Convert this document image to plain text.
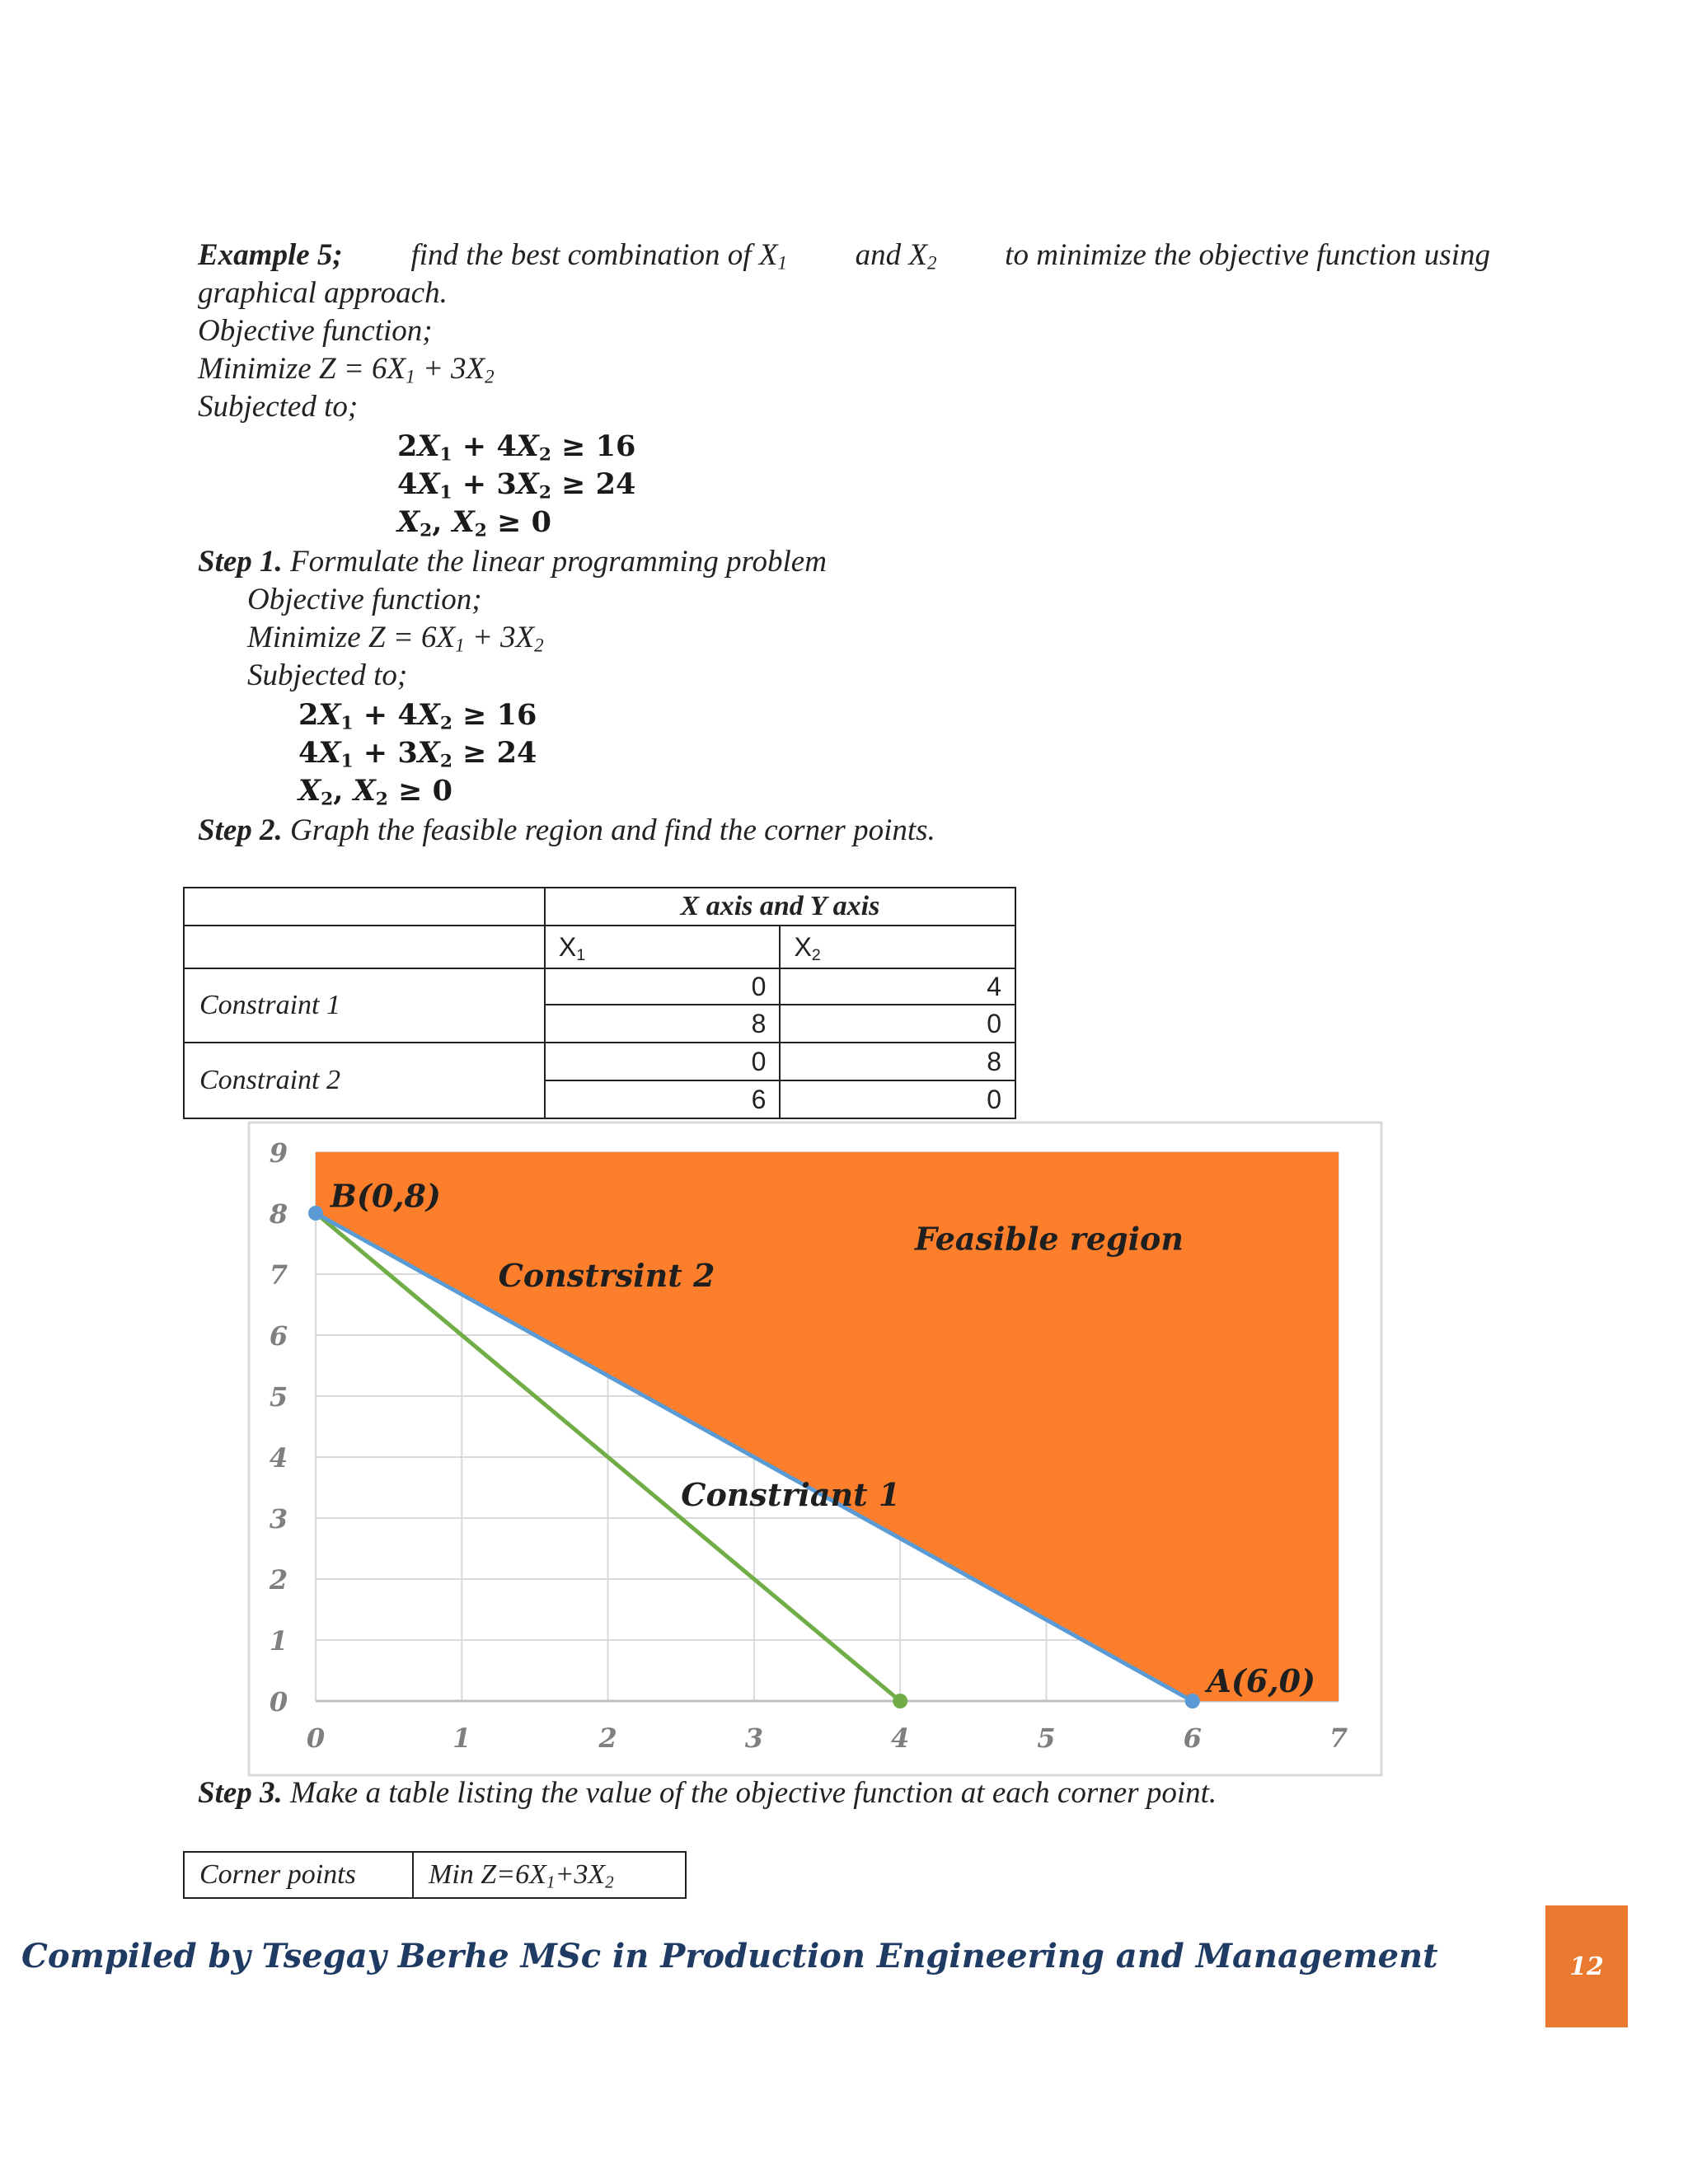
Example 5; find the best combination of $X_1$ and $X_2$ to minimize the objective function using
graphical approach.
Objective function;
Minimize $Z = 6X_1 + 3X_2$
Subjected to;
$2X_1 + 4X_2 \ge 16$
$4X_1 + 3X_2 \ge 24$
$X_2$, $X_2 \ge 0$
Step 1. Formulate the linear programming problem
Objective function;
Minimize $Z = 6X_1 + 3X_2$
Subjected to;
$2X_1 + 4X_2 \ge 16$
$4X_1 + 3X_2 \ge 24$
$X_2$, $X_2 \ge 0$
Step 2. Graph the feasible region and find the corner points.
	X axis and Y axis	
	$X_1$	$X_2$
Constraint 1	0	4
	8	0
Constraint 2	0	8
	6	0
0	1	2	3	4	5	6	7
0
1
2
3
4
5
6
7
8
9
B(0,8)
A(6,0)
Constrsint 2
Constriant 1
Feasible region
Step 3. Make a table listing the value of the objective function at each corner point.
Corner points	Min $Z=6X_1+3X_2$
Compiled by Tsegay Berhe MSc in Production Engineering and Management	12
